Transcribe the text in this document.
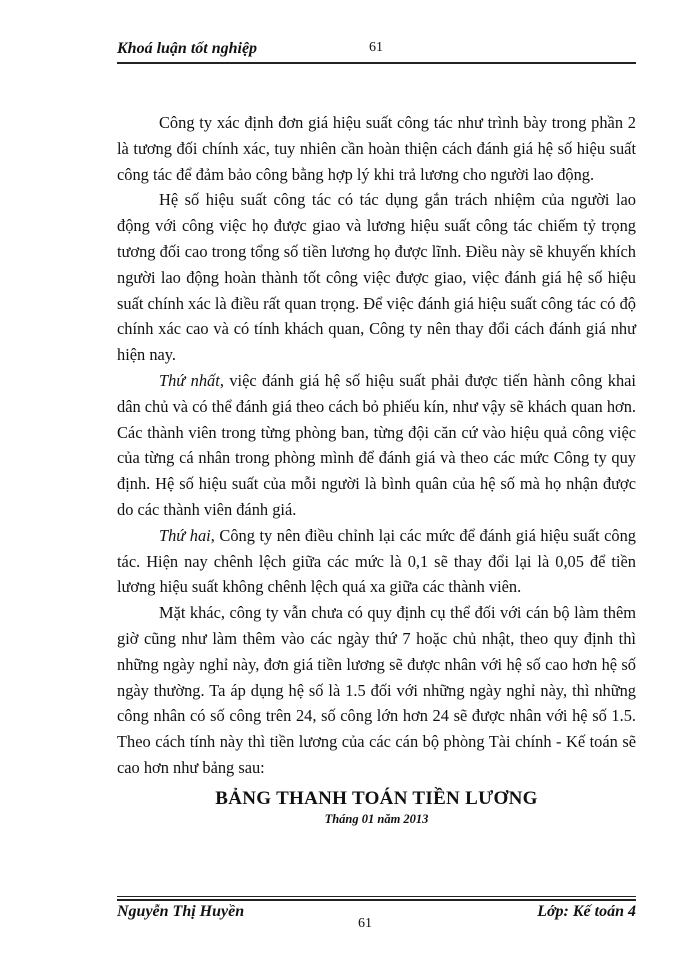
Khoá luận tốt nghiệp	61

Công ty xác định đơn giá hiệu suất công tác như trình bày trong phần 2 là tương đối chính xác, tuy nhiên cần hoàn thiện cách đánh giá hệ số hiệu suất công tác để đảm bảo công bằng hợp lý khi trả lương cho người lao động.

Hệ số hiệu suất công tác có tác dụng gắn trách nhiệm của người lao động với công việc họ được giao và lương hiệu suất công tác chiếm tỷ trọng tương đối cao trong tổng số tiền lương họ được lĩnh. Điều này sẽ khuyến khích người lao động hoàn thành tốt công việc được giao, việc đánh giá hệ số hiệu suất chính xác là điều rất quan trọng. Để việc đánh giá hiệu suất công tác có độ chính xác cao và có tính khách quan, Công ty nên thay đổi cách đánh giá như hiện nay.

Thứ nhất, việc đánh giá hệ số hiệu suất phải được tiến hành công khai dân chủ và có thể đánh giá theo cách bỏ phiếu kín, như vậy sẽ khách quan hơn. Các thành viên trong từng phòng ban, từng đội căn cứ vào hiệu quả công việc của từng cá nhân trong phòng mình để đánh giá và theo các mức Công ty quy định. Hệ số hiệu suất của mỗi người là bình quân của hệ số mà họ nhận được do các thành viên đánh giá.

Thứ hai, Công ty nên điều chỉnh lại các mức để đánh giá hiệu suất công tác. Hiện nay chênh lệch giữa các mức là 0,1 sẽ thay đổi lại là 0,05 để tiền lương hiệu suất không chênh lệch quá xa giữa các thành viên.

Mặt khác, công ty vẫn chưa có quy định cụ thể đối với cán bộ làm thêm giờ cũng như làm thêm vào các ngày thứ 7 hoặc chủ nhật, theo quy định thì những ngày nghỉ này, đơn giá tiền lương sẽ được nhân với hệ số cao hơn hệ số ngày thường. Ta áp dụng hệ số là 1.5 đối với những ngày nghỉ này, thì những công nhân có số công trên 24, số công lớn hơn 24 sẽ được nhân với hệ số 1.5. Theo cách tính này thì tiền lương của các cán bộ phòng Tài chính - Kế toán sẽ cao hơn như bảng sau:

BẢNG THANH TOÁN TIỀN LƯƠNG
Tháng 01 năm 2013
Nguyễn Thị Huyền	Lớp: Kế toán 4
61
